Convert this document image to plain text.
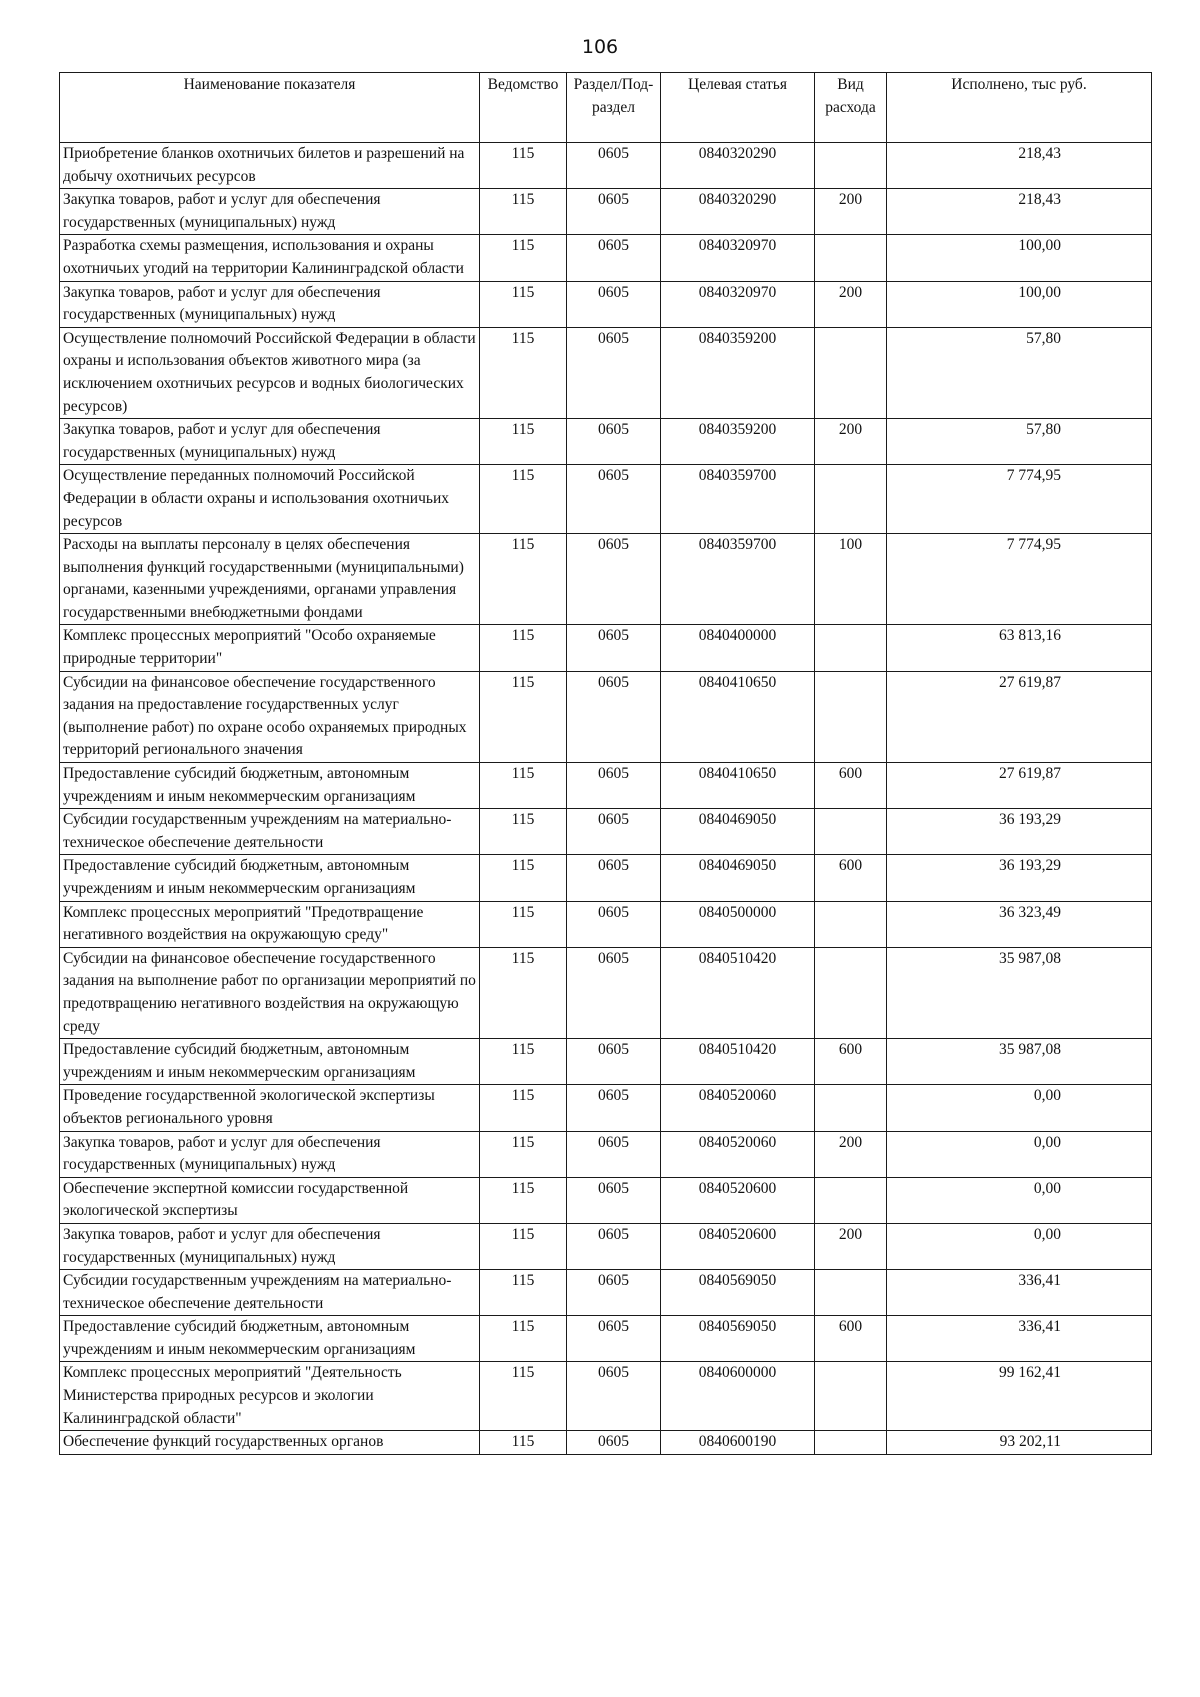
106
Наименование показателя	Ведомство	Раздел/Под-раздел	Целевая статья	Вид расхода	Исполнено, тыс руб.
Приобретение бланков охотничьих билетов и разрешений на добычу охотничьих ресурсов	115	0605	0840320290		218,43
Закупка товаров, работ и услуг для обеспечения государственных (муниципальных) нужд	115	0605	0840320290	200	218,43
Разработка схемы размещения, использования и охраны охотничьих угодий на территории Калининградской области	115	0605	0840320970		100,00
Закупка товаров, работ и услуг для обеспечения государственных (муниципальных) нужд	115	0605	0840320970	200	100,00
Осуществление полномочий Российской Федерации в области охраны и использования объектов животного мира (за исключением охотничьих ресурсов и водных биологических ресурсов)	115	0605	0840359200		57,80
Закупка товаров, работ и услуг для обеспечения государственных (муниципальных) нужд	115	0605	0840359200	200	57,80
Осуществление переданных полномочий Российской Федерации в области охраны и использования охотничьих ресурсов	115	0605	0840359700		7 774,95
Расходы на выплаты персоналу в целях обеспечения выполнения функций государственными (муниципальными) органами, казенными учреждениями, органами управления государственными внебюджетными фондами	115	0605	0840359700	100	7 774,95
Комплекс процессных мероприятий "Особо охраняемые природные территории"	115	0605	0840400000		63 813,16
Субсидии на финансовое обеспечение государственного задания на предоставление государственных услуг (выполнение работ) по охране особо охраняемых природных территорий регионального значения	115	0605	0840410650		27 619,87
Предоставление субсидий бюджетным, автономным учреждениям и иным некоммерческим организациям	115	0605	0840410650	600	27 619,87
Субсидии государственным учреждениям на материально-техническое обеспечение деятельности	115	0605	0840469050		36 193,29
Предоставление субсидий бюджетным, автономным учреждениям и иным некоммерческим организациям	115	0605	0840469050	600	36 193,29
Комплекс процессных мероприятий "Предотвращение негативного воздействия на окружающую среду"	115	0605	0840500000		36 323,49
Субсидии на финансовое обеспечение государственного задания на выполнение работ по организации мероприятий по предотвращению негативного воздействия на окружающую среду	115	0605	0840510420		35 987,08
Предоставление субсидий бюджетным, автономным учреждениям и иным некоммерческим организациям	115	0605	0840510420	600	35 987,08
Проведение государственной экологической экспертизы объектов регионального уровня	115	0605	0840520060		0,00
Закупка товаров, работ и услуг для обеспечения государственных (муниципальных) нужд	115	0605	0840520060	200	0,00
Обеспечение экспертной комиссии государственной экологической экспертизы	115	0605	0840520600		0,00
Закупка товаров, работ и услуг для обеспечения государственных (муниципальных) нужд	115	0605	0840520600	200	0,00
Субсидии государственным учреждениям на материально-техническое обеспечение деятельности	115	0605	0840569050		336,41
Предоставление субсидий бюджетным, автономным учреждениям и иным некоммерческим организациям	115	0605	0840569050	600	336,41
Комплекс процессных мероприятий "Деятельность Министерства природных ресурсов и экологии Калининградской области"	115	0605	0840600000		99 162,41
Обеспечение функций государственных органов	115	0605	0840600190		93 202,11
